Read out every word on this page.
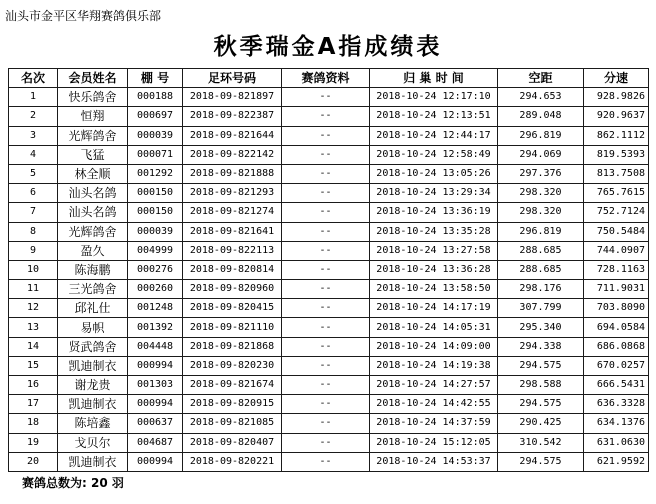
汕头市金平区华翔赛鸽俱乐部
秋季瑞金A指成绩表
名次	会员姓名	棚 号	足环号码	赛鸽资料	归 巢 时 间	空距	分速
1	快乐鸽舍	000188	2018-09-821897	--	2018-10-24 12:17:10	294.653	928.9826
2	恒翔	000697	2018-09-822387	--	2018-10-24 12:13:51	289.048	920.9637
3	光辉鸽舍	000039	2018-09-821644	--	2018-10-24 12:44:17	296.819	862.1112
4	飞猛	000071	2018-09-822142	--	2018-10-24 12:58:49	294.069	819.5393
5	林全顺	001292	2018-09-821888	--	2018-10-24 13:05:26	297.376	813.7508
6	汕头名鸽	000150	2018-09-821293	--	2018-10-24 13:29:34	298.320	765.7615
7	汕头名鸽	000150	2018-09-821274	--	2018-10-24 13:36:19	298.320	752.7124
8	光辉鸽舍	000039	2018-09-821641	--	2018-10-24 13:35:28	296.819	750.5484
9	盈久	004999	2018-09-822113	--	2018-10-24 13:27:58	288.685	744.0907
10	陈海鹏	000276	2018-09-820814	--	2018-10-24 13:36:28	288.685	728.1163
11	三光鸽舍	000260	2018-09-820960	--	2018-10-24 13:58:50	298.176	711.9031
12	邱礼仕	001248	2018-09-820415	--	2018-10-24 14:17:19	307.799	703.8090
13	易帜	001392	2018-09-821110	--	2018-10-24 14:05:31	295.340	694.0584
14	贤武鸽舍	004448	2018-09-821868	--	2018-10-24 14:09:00	294.338	686.0868
15	凯迪制衣	000994	2018-09-820230	--	2018-10-24 14:19:38	294.575	670.0257
16	谢龙贵	001303	2018-09-821674	--	2018-10-24 14:27:57	298.588	666.5431
17	凯迪制衣	000994	2018-09-820915	--	2018-10-24 14:42:55	294.575	636.3328
18	陈培鑫	000637	2018-09-821085	--	2018-10-24 14:37:59	290.425	634.1376
19	戈贝尔	004687	2018-09-820407	--	2018-10-24 15:12:05	310.542	631.0630
20	凯迪制衣	000994	2018-09-820221	--	2018-10-24 14:53:37	294.575	621.9592
赛鸽总数为: 20 羽
